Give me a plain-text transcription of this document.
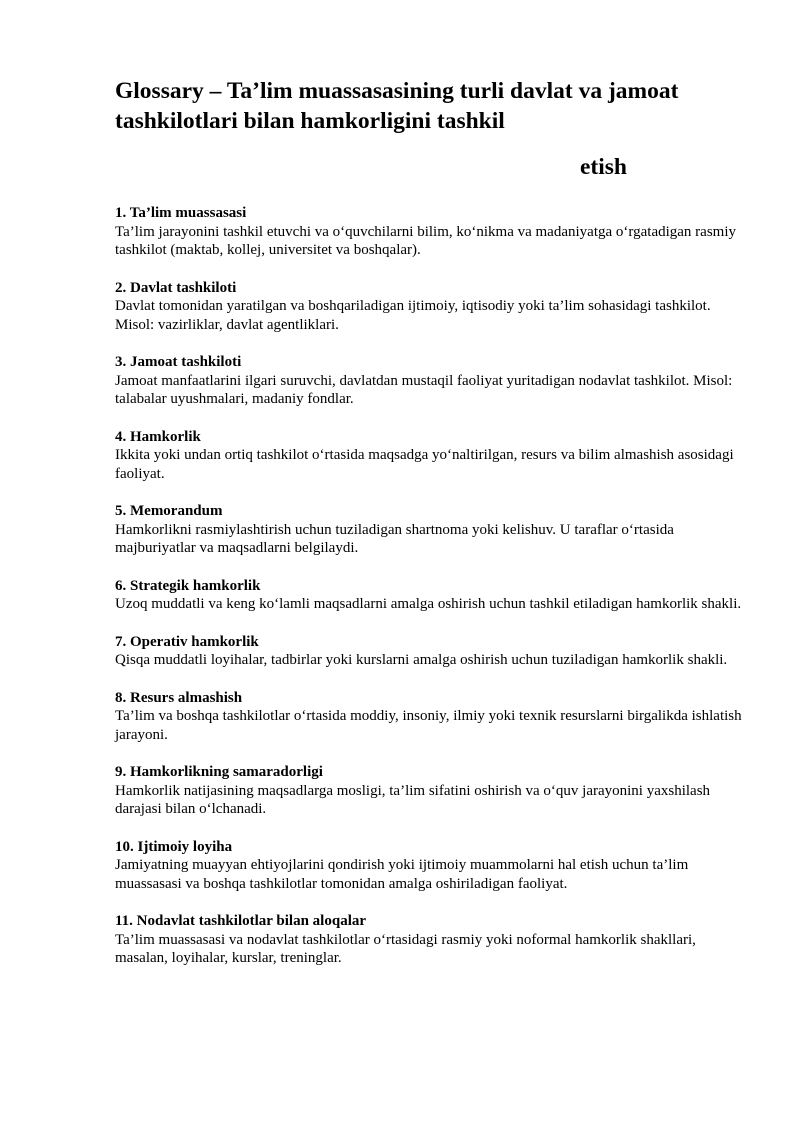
Glossary – Ta’lim muassasasining turli davlat va jamoat tashkilotlari bilan hamkorligini tashkil
etish

1. Ta’lim muassasasi

Ta’lim jarayonini tashkil etuvchi va o‘quvchilarni bilim, ko‘nikma va madaniyatga o‘rgatadigan rasmiy tashkilot (maktab, kollej, universitet va boshqalar).

2. Davlat tashkiloti

Davlat tomonidan yaratilgan va boshqariladigan ijtimoiy, iqtisodiy yoki ta’lim sohasidagi tashkilot. Misol: vazirliklar, davlat agentliklari.

3. Jamoat tashkiloti

Jamoat manfaatlarini ilgari suruvchi, davlatdan mustaqil faoliyat yuritadigan nodavlat tashkilot. Misol: talabalar uyushmalari, madaniy fondlar.

4. Hamkorlik

Ikkita yoki undan ortiq tashkilot o‘rtasida maqsadga yo‘naltirilgan, resurs va bilim almashish asosidagi faoliyat.

5. Memorandum

Hamkorlikni rasmiylashtirish uchun tuziladigan shartnoma yoki kelishuv. U taraflar o‘rtasida majburiyatlar va maqsadlarni belgilaydi.

6. Strategik hamkorlik

Uzoq muddatli va keng ko‘lamli maqsadlarni amalga oshirish uchun tashkil etiladigan hamkorlik shakli.

7. Operativ hamkorlik

Qisqa muddatli loyihalar, tadbirlar yoki kurslarni amalga oshirish uchun tuziladigan hamkorlik shakli.

8. Resurs almashish

Ta’lim va boshqa tashkilotlar o‘rtasida moddiy, insoniy, ilmiy yoki texnik resurslarni birgalikda ishlatish jarayoni.

9. Hamkorlikning samaradorligi

Hamkorlik natijasining maqsadlarga mosligi, ta’lim sifatini oshirish va o‘quv jarayonini yaxshilash darajasi bilan o‘lchanadi.

10. Ijtimoiy loyiha

Jamiyatning muayyan ehtiyojlarini qondirish yoki ijtimoiy muammolarni hal etish uchun ta’lim muassasasi va boshqa tashkilotlar tomonidan amalga oshiriladigan faoliyat.

11. Nodavlat tashkilotlar bilan aloqalar

Ta’lim muassasasi va nodavlat tashkilotlar o‘rtasidagi rasmiy yoki noformal hamkorlik shakllari, masalan, loyihalar, kurslar, treninglar.
